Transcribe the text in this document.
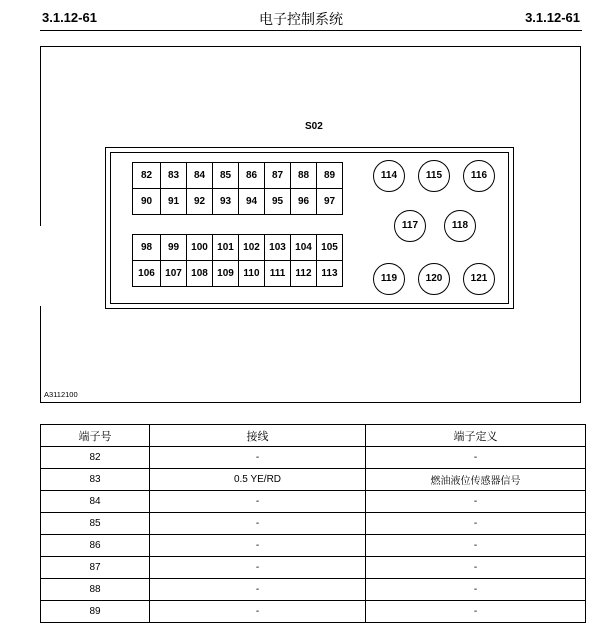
3.1.12-61	电子控制系统	3.1.12-61
S02
A3112100
82	83	84	85	86	87	88	89
90	91	92	93	94	95	96	97
98	99	100	101	102	103	104	105
106	107	108	109	110	111	112	113
114	115	116
117	118
119	120	121
端子号	接线	端子定义
82	-	-
83	0.5 YE/RD	燃油液位传感器信号
84	-	-
85	-	-
86	-	-
87	-	-
88	-	-
89	-	-
